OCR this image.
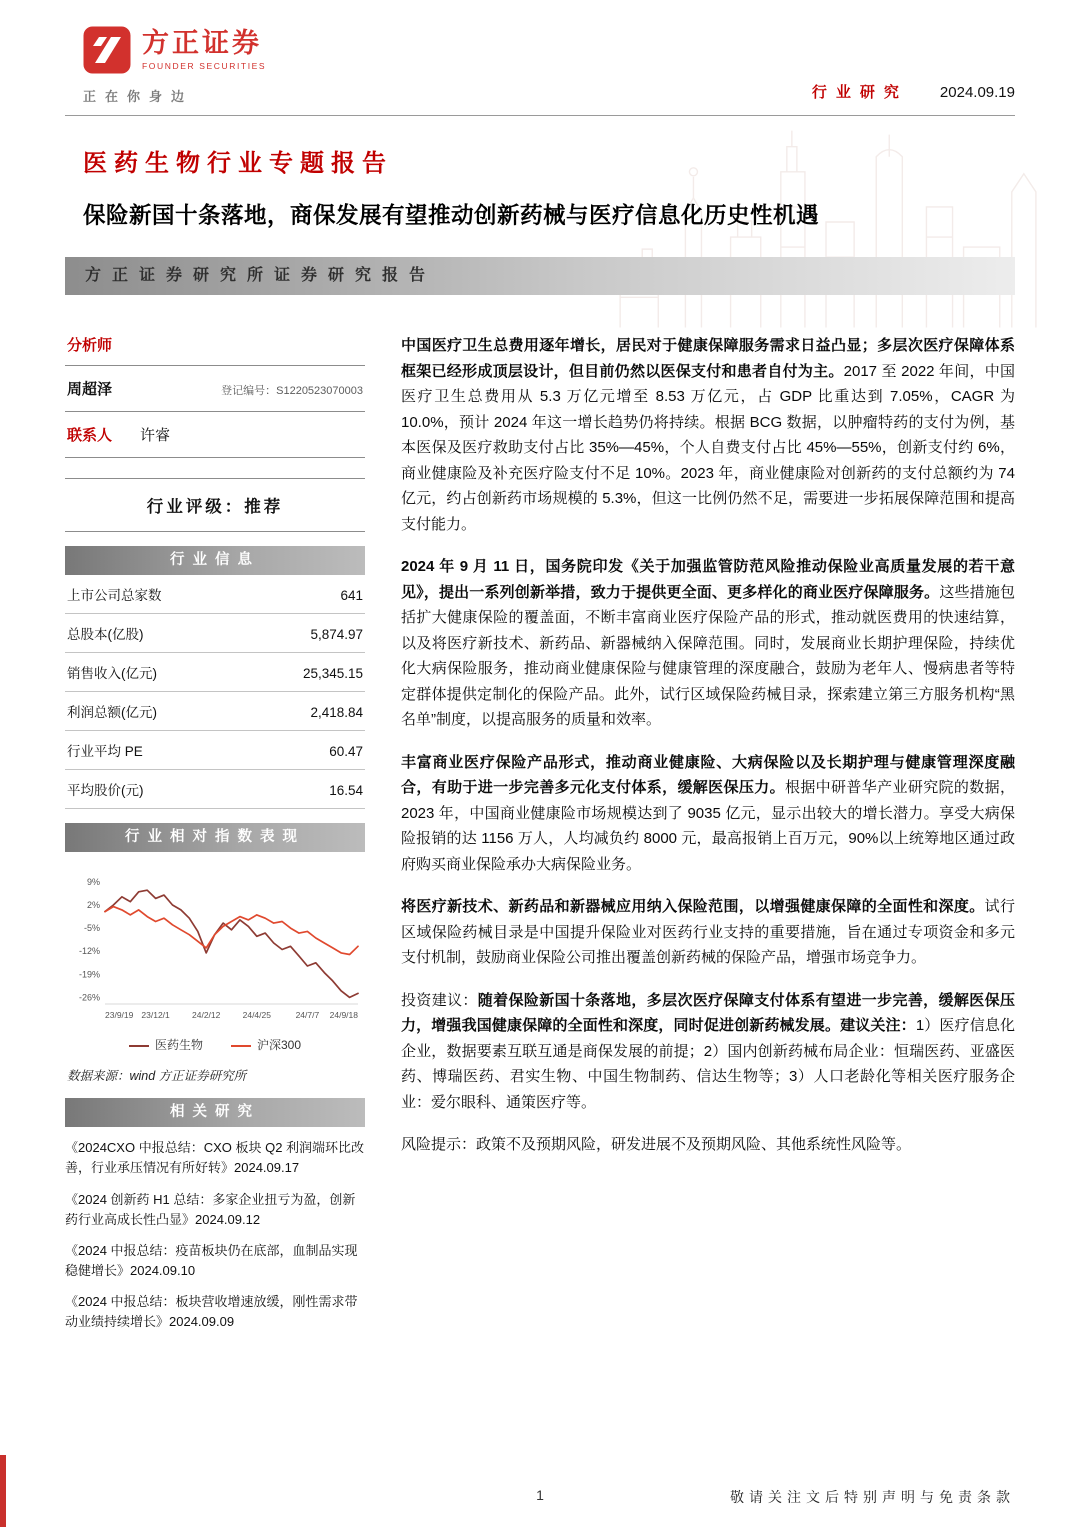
方正证券
FOUNDER SECURITIES
正在你身边	行业研究 2024.09.19
医药生物行业专题报告
保险新国十条落地，商保发展有望推动创新药械与医疗信息化历史性机遇
方正证券研究所证券研究报告
分析师
周超泽	登记编号：S1220523070003
联系人 许睿
行业评级：推荐
行业信息
上市公司总家数	641
总股本(亿股)	5,874.97
销售收入(亿元)	25,345.15
利润总额(亿元)	2,418.84
行业平均 PE	60.47
平均股价(元)	16.54
行业相对指数表现
9%
2%
-5%
-12%
-19%
-26%
23/9/19 23/12/1	24/2/12	24/4/25	24/7/7 24/9/18
医药生物	沪深300
数据来源：wind 方正证券研究所
相关研究
《2024CXO 中报总结：CXO 板块 Q2 利润端环比改善，行业承压情况有所好转》2024.09.17
《2024 创新药 H1 总结：多家企业扭亏为盈，创新药行业高成长性凸显》2024.09.12
《2024 中报总结：疫苗板块仍在底部，血制品实现稳健增长》2024.09.10
《2024 中报总结：板块营收增速放缓，刚性需求带动业绩持续增长》2024.09.09

中国医疗卫生总费用逐年增长，居民对于健康保障服务需求日益凸显；多层次医疗保障体系框架已经形成顶层设计，但目前仍然以医保支付和患者自付为主。2017 至 2022 年间，中国医疗卫生总费用从 5.3 万亿元增至 8.53 万亿元，占 GDP 比重达到 7.05%，CAGR 为 10.0%，预计 2024 年这一增长趋势仍将持续。根据 BCG 数据，以肿瘤特药的支付为例，基本医保及医疗救助支付占比 35%—45%，个人自费支付占比 45%—55%，创新支付约 6%，商业健康险及补充医疗险支付不足 10%。2023 年，商业健康险对创新药的支付总额约为 74 亿元，约占创新药市场规模的 5.3%，但这一比例仍然不足，需要进一步拓展保障范围和提高支付能力。

2024 年 9 月 11 日，国务院印发《关于加强监管防范风险推动保险业高质量发展的若干意见》，提出一系列创新举措，致力于提供更全面、更多样化的商业医疗保障服务。这些措施包括扩大健康保险的覆盖面，不断丰富商业医疗保险产品的形式，推动就医费用的快速结算，以及将医疗新技术、新药品、新器械纳入保障范围。同时，发展商业长期护理保险，持续优化大病保险服务，推动商业健康保险与健康管理的深度融合，鼓励为老年人、慢病患者等特定群体提供定制化的保险产品。此外，试行区域保险药械目录，探索建立第三方服务机构“黑名单”制度，以提高服务的质量和效率。

丰富商业医疗保险产品形式，推动商业健康险、大病保险以及长期护理与健康管理深度融合，有助于进一步完善多元化支付体系，缓解医保压力。根据中研普华产业研究院的数据，2023 年，中国商业健康险市场规模达到了 9035 亿元，显示出较大的增长潜力。享受大病保险报销的达 1156 万人，人均减负约 8000 元，最高报销上百万元，90%以上统筹地区通过政府购买商业保险承办大病保险业务。

将医疗新技术、新药品和新器械应用纳入保险范围，以增强健康保障的全面性和深度。试行区域保险药械目录是中国提升保险业对医药行业支持的重要措施，旨在通过专项资金和多元支付机制，鼓励商业保险公司推出覆盖创新药械的保险产品，增强市场竞争力。

投资建议：随着保险新国十条落地，多层次医疗保障支付体系有望进一步完善，缓解医保压力，增强我国健康保障的全面性和深度，同时促进创新药械发展。建议关注：1）医疗信息化企业，数据要素互联互通是商保发展的前提；2）国内创新药械布局企业：恒瑞医药、亚盛医药、博瑞医药、君实生物、中国生物制药、信达生物等；3）人口老龄化等相关医疗服务企业：爱尔眼科、通策医疗等。

风险提示：政策不及预期风险，研发进展不及预期风险、其他系统性风险等。

1	敬请关注文后特别声明与免责条款
